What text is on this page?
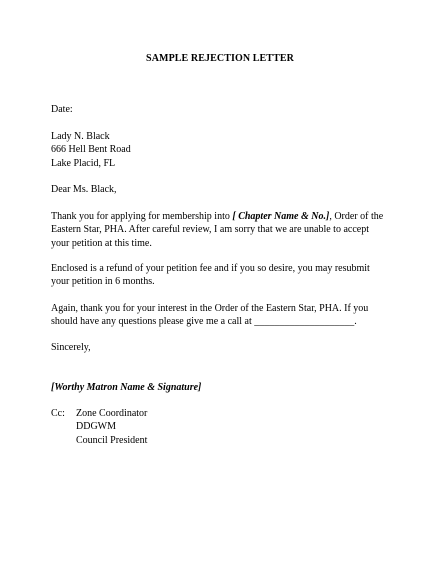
SAMPLE REJECTION LETTER
Date:
Lady N. Black
666 Hell Bent Road
Lake Placid, FL
Dear Ms. Black,
Thank you for applying for membership into [ Chapter Name & No.], Order of the
Eastern Star, PHA. After careful review, I am sorry that we are unable to accept
your petition at this time.
Enclosed is a refund of your petition fee and if you so desire, you may resubmit
your petition in 6 months.
Again, thank you for your interest in the Order of the Eastern Star, PHA. If you
should have any questions please give me a call at ____________________.
Sincerely,
[Worthy Matron Name & Signature]
Cc: Zone Coordinator
DDGWM
Council President
